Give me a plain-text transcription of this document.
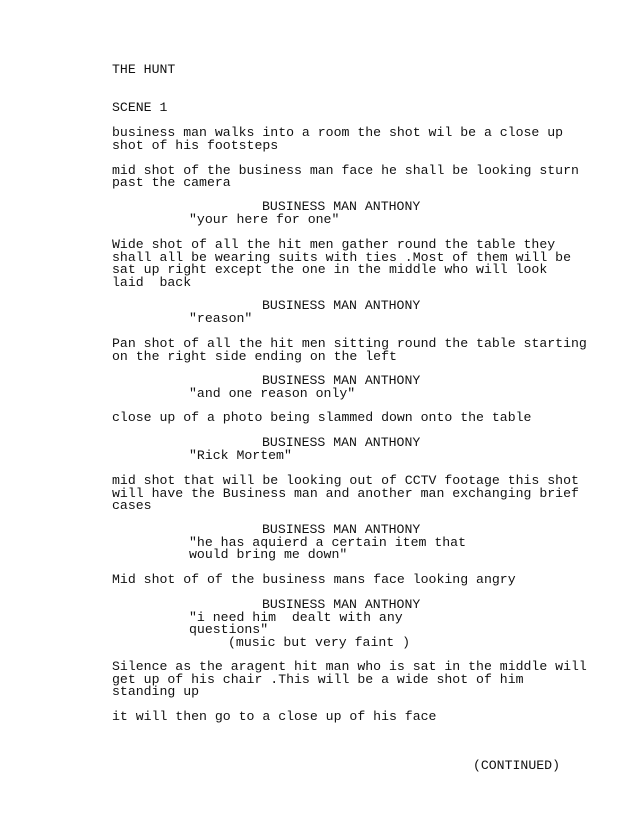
THE HUNT
SCENE 1
business man walks into a room the shot wil be a close up
shot of his footsteps
mid shot of the business man face he shall be looking sturn
past the camera
BUSINESS MAN ANTHONY
"your here for one"
Wide shot of all the hit men gather round the table they
shall all be wearing suits with ties .Most of them will be
sat up right except the one in the middle who will look
laid  back
BUSINESS MAN ANTHONY
"reason"
Pan shot of all the hit men sitting round the table starting
on the right side ending on the left
BUSINESS MAN ANTHONY
"and one reason only"
close up of a photo being slammed down onto the table
BUSINESS MAN ANTHONY
"Rick Mortem"
mid shot that will be looking out of CCTV footage this shot
will have the Business man and another man exchanging brief
cases
BUSINESS MAN ANTHONY
"he has aquierd a certain item that
would bring me down"
Mid shot of of the business mans face looking angry
BUSINESS MAN ANTHONY
"i need him  dealt with any
questions"
(music but very faint )
Silence as the aragent hit man who is sat in the middle will
get up of his chair .This will be a wide shot of him
standing up
it will then go to a close up of his face
(CONTINUED)
